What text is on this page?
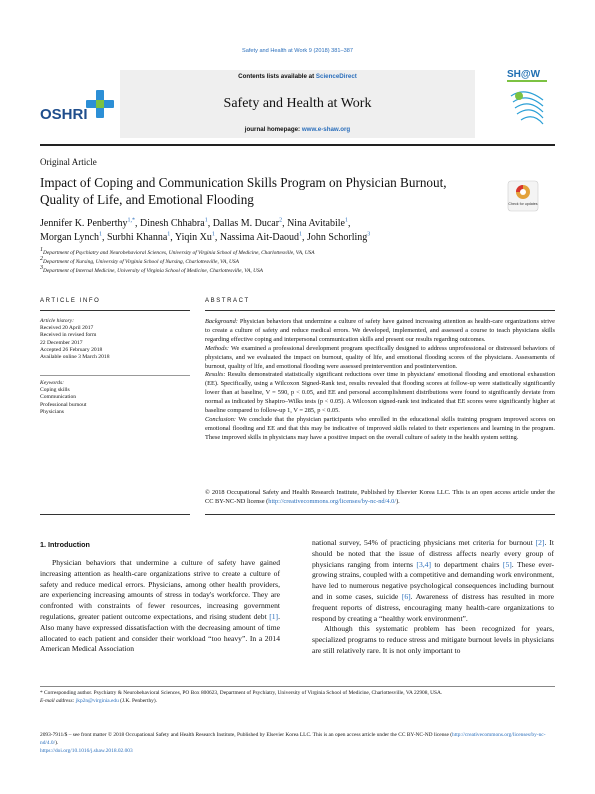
Safety and Health at Work 9 (2018) 381–387
Contents lists available at ScienceDirect
Safety and Health at Work
journal homepage: www.e-shaw.org
OSHRI
SH@W
Original Article
Impact of Coping and Communication Skills Program on Physician Burnout, Quality of Life, and Emotional Flooding	Check for updates
Jennifer K. Penberthy$^{1,*}$, Dinesh Chhabra$^1$, Dallas M. Ducar$^2$, Nina Avitabile$^1$,
Morgan Lynch$^1$, Surbhi Khanna$^1$, Yiqin Xu$^1$, Nassima Ait-Daoud$^1$, John Schorling$^3$
$^1$Department of Psychiatry and Neurobehavioral Sciences, University of Virginia School of Medicine, Charlottesville, VA, USA
$^2$Department of Nursing, University of Virginia School of Nursing, Charlottesville, VA, USA
$^3$Department of Internal Medicine, University of Virginia School of Medicine, Charlottesville, VA, USA
ARTICLE INFO	ABSTRACT
Article history:
Received 20 April 2017
Received in revised form
22 December 2017
Accepted 26 February 2018
Available online 3 March 2018
Keywords:
Coping skills
Communication
Professional burnout
Physicians
Background: Physician behaviors that undermine a culture of safety have gained increasing attention as health-care organizations strive to create a culture of safety and reduce medical errors. We developed, implemented, and assessed a course to teach physicians skills regarding effective coping and interpersonal communication skills and present our results regarding outcomes.
Methods: We examined a professional development program specifically designed to address unprofessional or distressed behaviors of physicians, and we evaluated the impact on burnout, quality of life, and emotional flooding scores of the physicians. Assessments of burnout, quality of life, and emotional flooding were assessed preintervention and postintervention.
Results: Results demonstrated statistically significant reductions over time in physicians' emotional flooding and emotional exhaustion (EE). Specifically, using a Wilcoxon Signed-Rank test, results revealed that flooding scores at follow-up were statistically significantly lower than at baseline, V = 590, p < 0.05, and EE and personal accomplishment distributions were found to significantly deviate from normal as indicated by Shapiro–Wilks tests (p < 0.05). A Wilcoxon signed-rank test indicated that EE scores were significantly higher at baseline compared to follow-up 1, V = 285, p < 0.05.
Conclusion: We conclude that the physician participants who enrolled in the educational skills training program improved scores on emotional flooding and EE and that this may be indicative of improved skills related to their experiences and learning in the program. These improved skills in physicians may have a positive impact on the overall culture of safety in the health system setting.
© 2018 Occupational Safety and Health Research Institute, Published by Elsevier Korea LLC. This is an open access article under the CC BY-NC-ND license (http://creativecommons.org/licenses/by-nc-nd/4.0/).
1. Introduction
Physician behaviors that undermine a culture of safety have gained increasing attention as health-care organizations strive to create a culture of safety and reduce medical errors. Physicians, among other health providers, are experiencing increasing amounts of stress in today's workforce. They are confronted with constraints of fewer resources, increasing government regulations, greater patient outcome expectations, and rising student debt [1]. Also many have expressed dissatisfaction with the decreasing amount of time allocated to each patient and consider their workload “too heavy”. In a 2014 American Medical Association

national survey, 54% of practicing physicians met criteria for burnout [2]. It should be noted that the issue of distress affects nearly every group of physicians ranging from interns [3,4] to department chairs [5]. These ever-growing strains, coupled with a competitive and demanding work environment, have led to numerous negative psychological consequences including burnout and in some cases, suicide [6]. Awareness of distress has resulted in more frequent reports of distress, encouraging many health-care organizations to respond by creating a “healthy work environment”.

Although this systematic problem has been recognized for years, specialized programs to reduce stress and mitigate burnout levels in physicians are still relatively rare. It is not only important to

* Corresponding author. Psychiatry & Neurobehavioral Sciences, PO Box 800623, Department of Psychiatry, University of Virginia School of Medicine, Charlottesville, VA 22908, USA.
E-mail address: jkp2n@virginia.edu (J.K. Penberthy).
2093-7911/$ – see front matter © 2018 Occupational Safety and Health Research Institute, Published by Elsevier Korea LLC. This is an open access article under the CC BY-NC-ND license (http://creativecommons.org/licenses/by-nc-nd/4.0/).
https://doi.org/10.1016/j.shaw.2018.02.003
